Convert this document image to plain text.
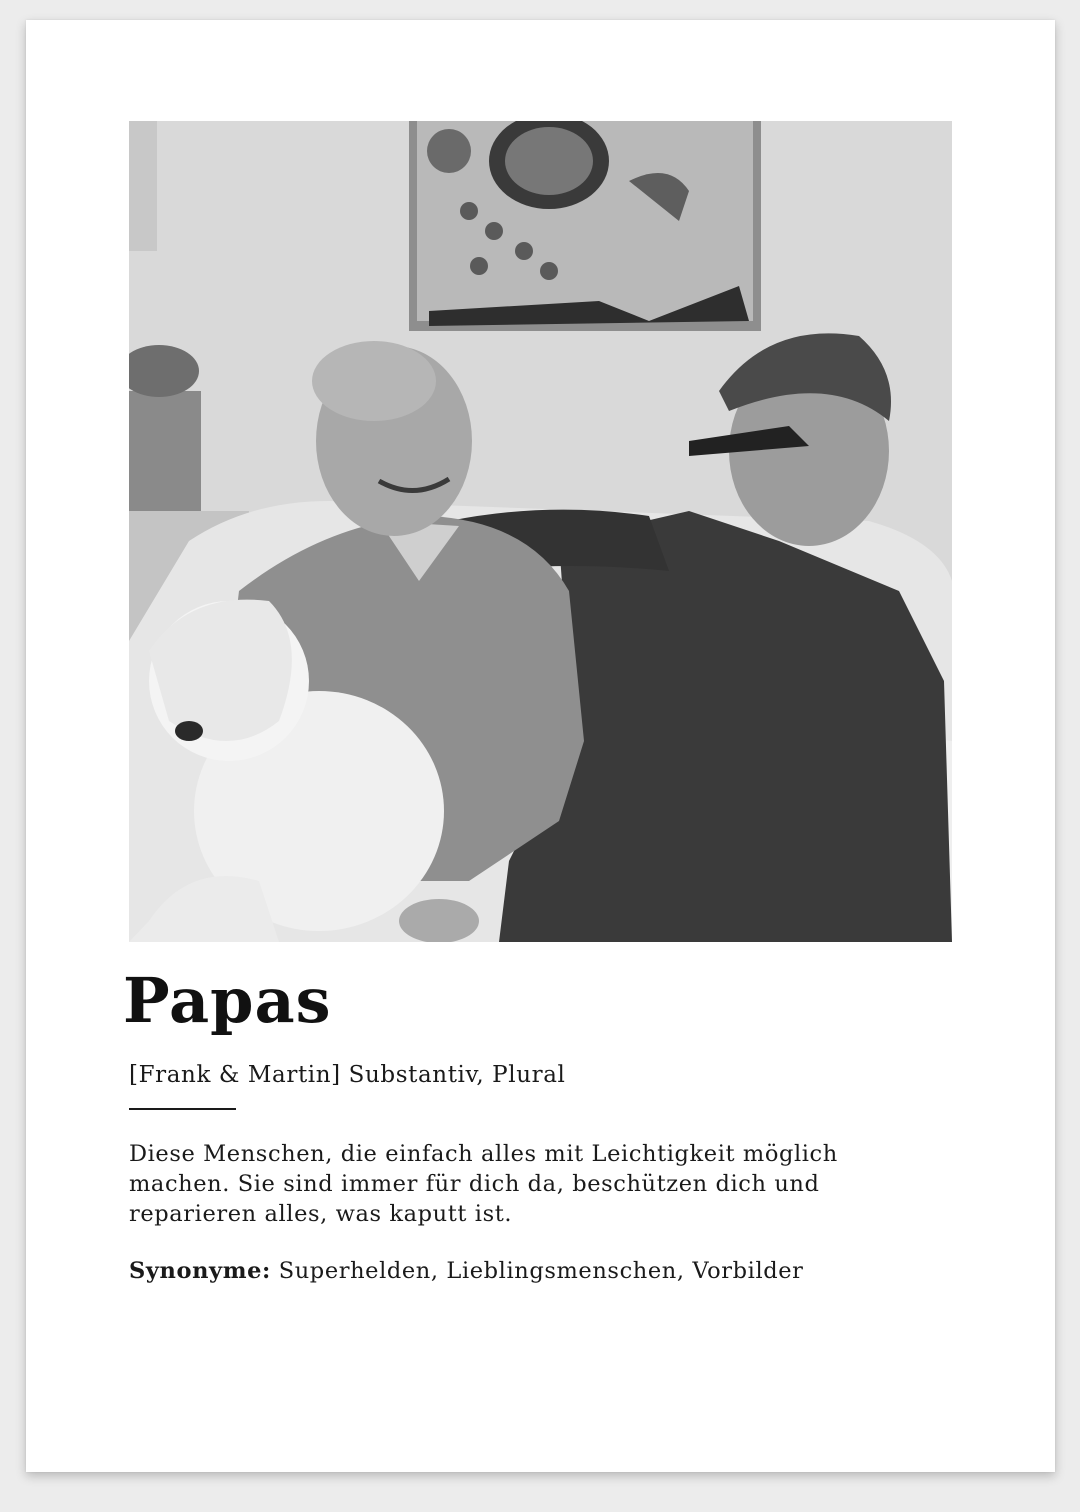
Papas
[Frank & Martin] Substantiv, Plural
Diese Menschen, die einfach alles mit Leichtigkeit möglich machen. Sie sind immer für dich da, beschützen dich und reparieren alles, was kaputt ist.
Synonyme: Superhelden, Lieblingsmenschen, Vorbilder
